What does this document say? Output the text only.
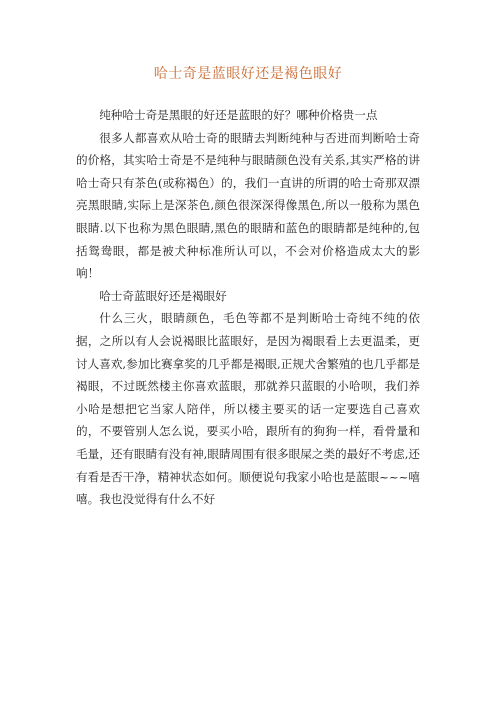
哈士奇是蓝眼好还是褐色眼好

纯种哈士奇是黑眼的好还是蓝眼的好？哪种价格贵一点

很多人都喜欢从哈士奇的眼睛去判断纯种与否进而判断哈士奇的价格，其实哈士奇是不是纯种与眼睛颜色没有关系,其实严格的讲哈士奇只有茶色(或称褐色）的，我们一直讲的所谓的哈士奇那双漂亮黑眼睛,实际上是深茶色,颜色很深深得像黑色,所以一般称为黑色眼睛.以下也称为黑色眼睛,黑色的眼睛和蓝色的眼睛都是纯种的,包括鸳鸯眼，都是被犬种标准所认可以，不会对价格造成太大的影响！

哈士奇蓝眼好还是褐眼好

什么三火，眼睛颜色，毛色等都不是判断哈士奇纯不纯的依据，之所以有人会说褐眼比蓝眼好，是因为褐眼看上去更温柔，更讨人喜欢,参加比赛拿奖的几乎都是褐眼,正规犬舍繁殖的也几乎都是褐眼，不过既然楼主你喜欢蓝眼，那就养只蓝眼的小哈呗，我们养小哈是想把它当家人陪伴，所以楼主要买的话一定要选自己喜欢的，不要管别人怎么说，要买小哈，跟所有的狗狗一样，看骨量和毛量，还有眼睛有没有神,眼睛周围有很多眼屎之类的最好不考虑,还有看是否干净，精神状态如何。顺便说句我家小哈也是蓝眼~~~嘻嘻。我也没觉得有什么不好
